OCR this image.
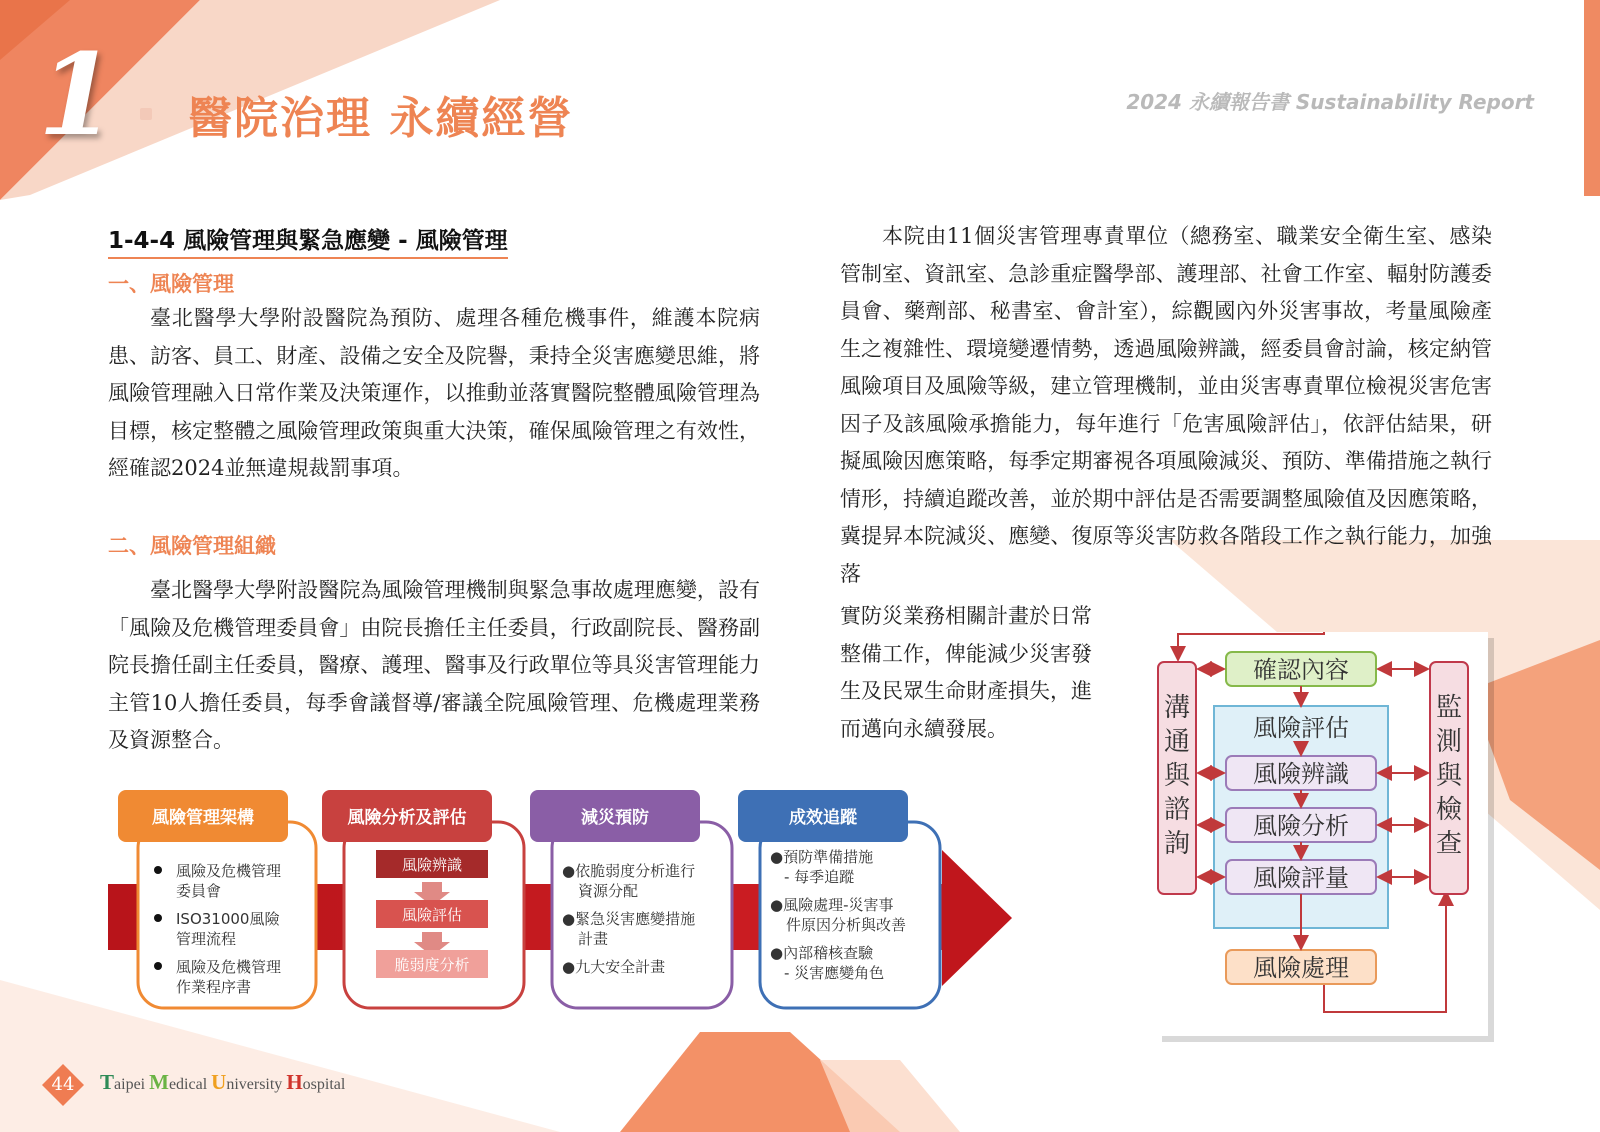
1 醫院治理 永續經營	2024 永續報告書 Sustainability Report
1-4-4 風險管理與緊急應變 - 風險管理
一、風險管理
臺北醫學大學附設醫院為預防、處理各種危機事件，維護本院病患、訪客、員工、財產、設備之安全及院譽，秉持全災害應變思維，將風險管理融入日常作業及決策運作，以推動並落實醫院整體風險管理為目標，核定整體之風險管理政策與重大決策，確保風險管理之有效性，經確認2024並無違規裁罰事項。
二、風險管理組織
臺北醫學大學附設醫院為風險管理機制與緊急事故處理應變，設有「風險及危機管理委員會」由院長擔任主任委員，行政副院長、醫務副院長擔任副主任委員，醫療、護理、醫事及行政單位等具災害管理能力主管10人擔任委員，每季會議督導/審議全院風險管理、危機處理業務及資源整合。
本院由11個災害管理專責單位（總務室、職業安全衛生室、感染管制室、資訊室、急診重症醫學部、護理部、社會工作室、輻射防護委員會、藥劑部、秘書室、會計室），綜觀國內外災害事故，考量風險產生之複雜性、環境變遷情勢，透過風險辨識，經委員會討論，核定納管風險項目及風險等級，建立管理機制，並由災害專責單位檢視災害危害因子及該風險承擔能力，每年進行「危害風險評估」，依評估結果，研擬風險因應策略，每季定期審視各項風險減災、預防、準備措施之執行情形，持續追蹤改善，並於期中評估是否需要調整風險值及因應策略，冀提昇本院減災、應變、復原等災害防救各階段工作之執行能力，加強落
實防災業務相關計畫於日常整備工作，俾能減少災害發生及民眾生命財產損失，進而邁向永續發展。
風險管理架構
風險及危機管理
委員會
ISO31000風險
管理流程
風險及危機管理
作業程序書
風險分析及評估
風險辨識
風險評估
脆弱度分析
減災預防
●依脆弱度分析進行
資源分配
●緊急災害應變措施
計畫
●九大安全計畫
成效追蹤
●預防準備措施
- 每季追蹤
●風險處理-災害事
件原因分析與改善
●內部稽核查驗
- 災害應變角色
溝
通
與
諮
詢
監
測
與
檢
查
風險評估
確認內容
風險辨識
風險分析
風險評量
風險處理
44	Taipei Medical University Hospital
